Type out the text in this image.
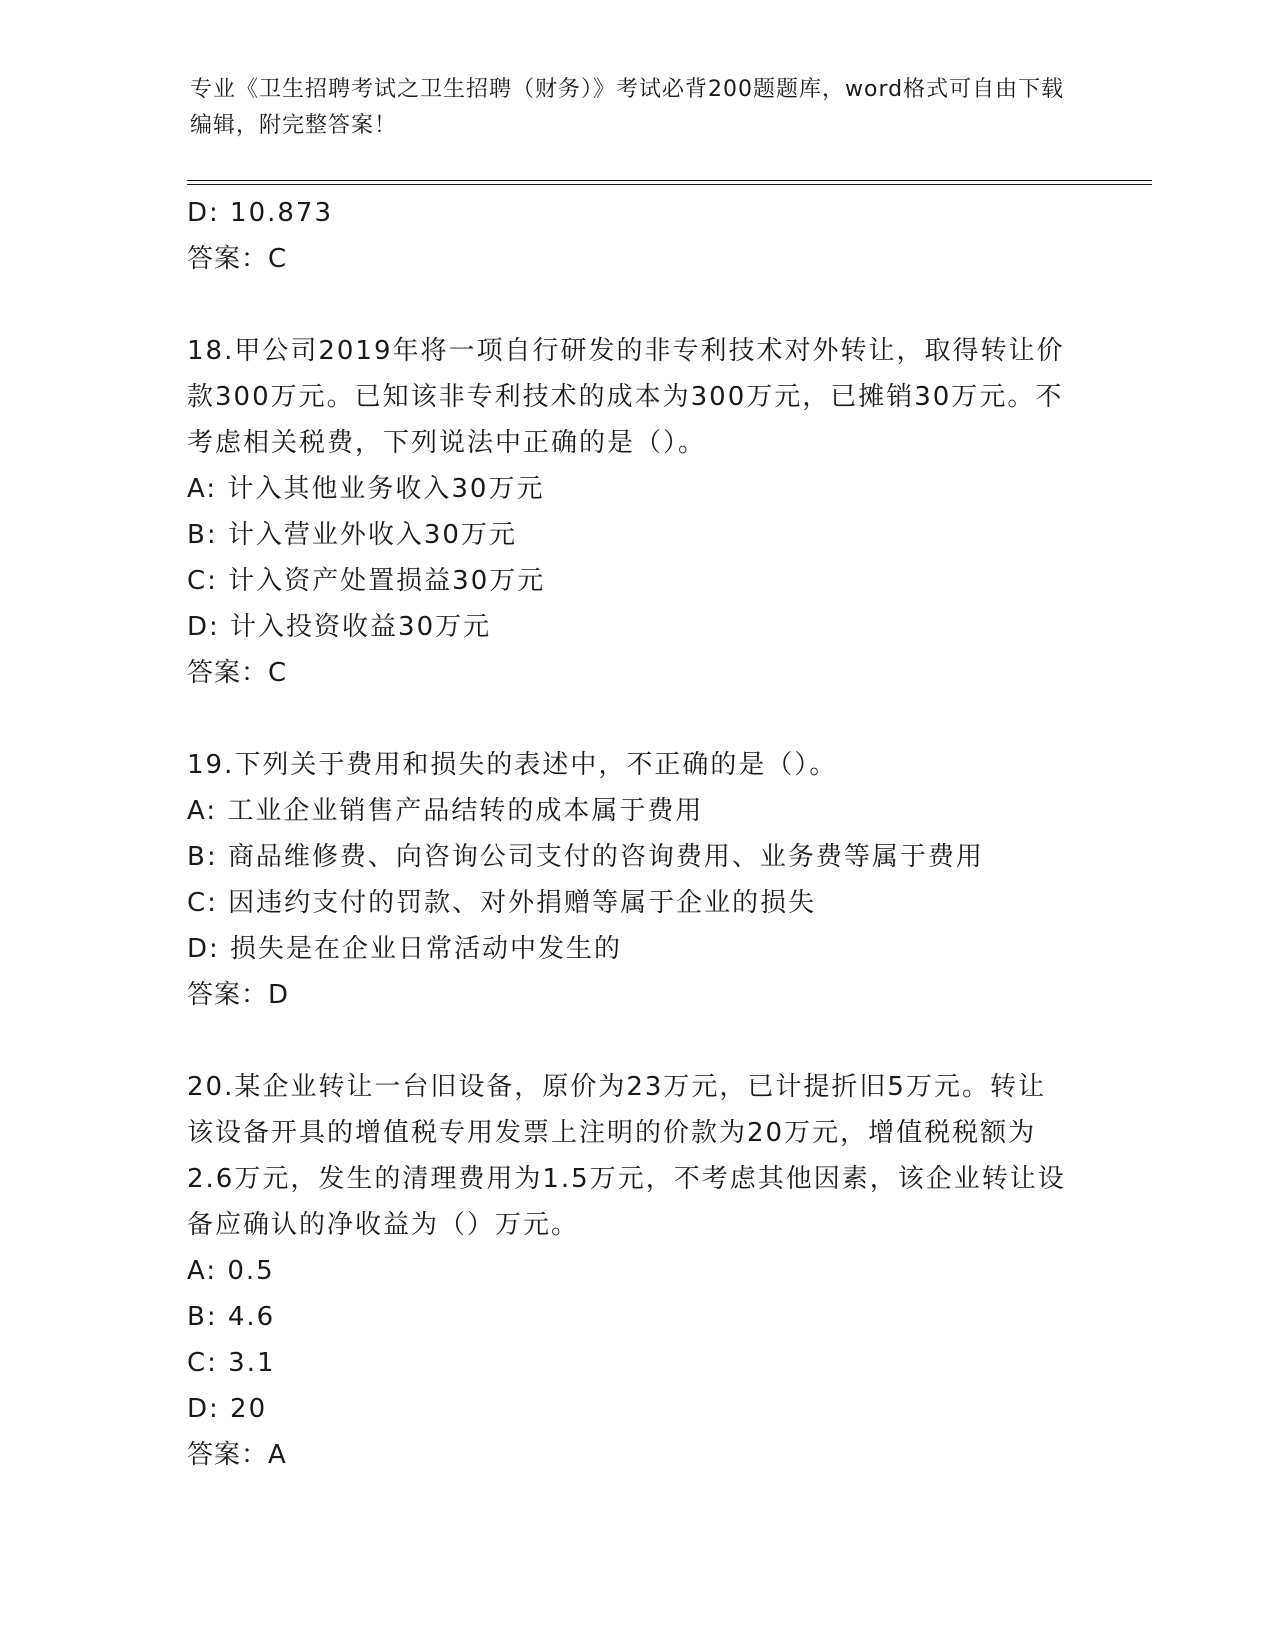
专业《卫生招聘考试之卫生招聘（财务）》考试必背200题题库，word格式可自由下载编辑，附完整答案！
D: 10.873
答案：C
18.甲公司2019年将一项自行研发的非专利技术对外转让，取得转让价款300万元。已知该非专利技术的成本为300万元，已摊销30万元。不考虑相关税费，下列说法中正确的是（）。
A: 计入其他业务收入30万元
B: 计入营业外收入30万元
C: 计入资产处置损益30万元
D: 计入投资收益30万元
答案：C
19.下列关于费用和损失的表述中，不正确的是（）。
A: 工业企业销售产品结转的成本属于费用
B: 商品维修费、向咨询公司支付的咨询费用、业务费等属于费用
C: 因违约支付的罚款、对外捐赠等属于企业的损失
D: 损失是在企业日常活动中发生的
答案：D
20.某企业转让一台旧设备，原价为23万元，已计提折旧5万元。转让该设备开具的增值税专用发票上注明的价款为20万元，增值税税额为2.6万元，发生的清理费用为1.5万元，不考虑其他因素，该企业转让设备应确认的净收益为（）万元。
A: 0.5
B: 4.6
C: 3.1
D: 20
答案：A
